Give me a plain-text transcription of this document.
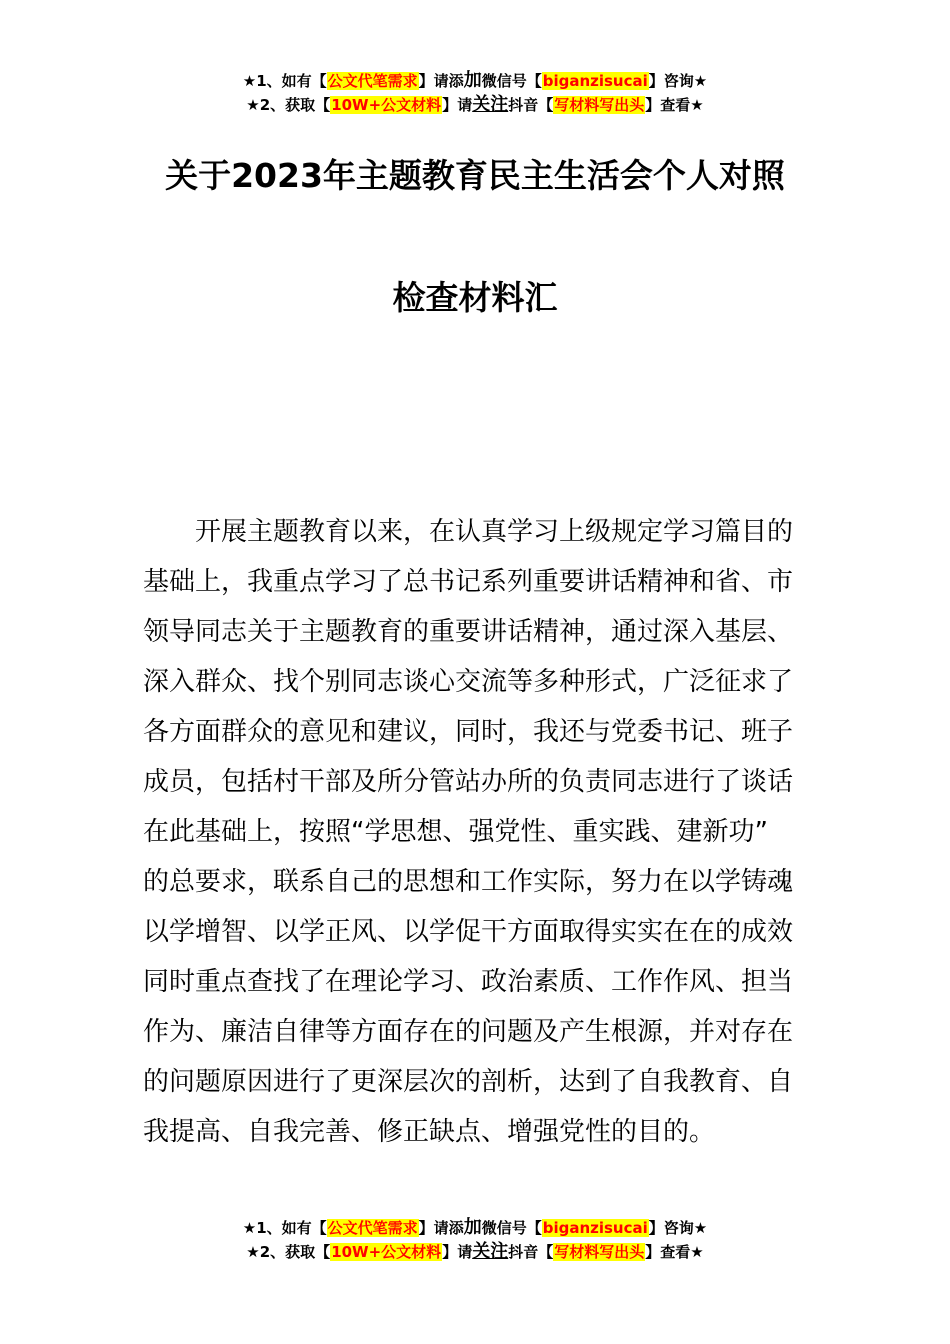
★1、如有【公文代笔需求】请添加微信号【biganzisucai】咨询★
★2、获取【10W+公文材料】请关注抖音【写材料写出头】查看★
关于2023年主题教育民主生活会个人对照
检查材料汇
　　开展主题教育以来，在认真学习上级规定学习篇目的
基础上，我重点学习了总书记系列重要讲话精神和省、市
领导同志关于主题教育的重要讲话精神，通过深入基层、
深入群众、找个别同志谈心交流等多种形式，广泛征求了
各方面群众的意见和建议，同时，我还与党委书记、班子
成员，包括村干部及所分管站办所的负责同志进行了谈话
在此基础上，按照“学思想、强党性、重实践、建新功”
的总要求，联系自己的思想和工作实际，努力在以学铸魂
以学增智、以学正风、以学促干方面取得实实在在的成效
同时重点查找了在理论学习、政治素质、工作作风、担当
作为、廉洁自律等方面存在的问题及产生根源，并对存在
的问题原因进行了更深层次的剖析，达到了自我教育、自
我提高、自我完善、修正缺点、增强党性的目的。
★1、如有【公文代笔需求】请添加微信号【biganzisucai】咨询★
★2、获取【10W+公文材料】请关注抖音【写材料写出头】查看★
